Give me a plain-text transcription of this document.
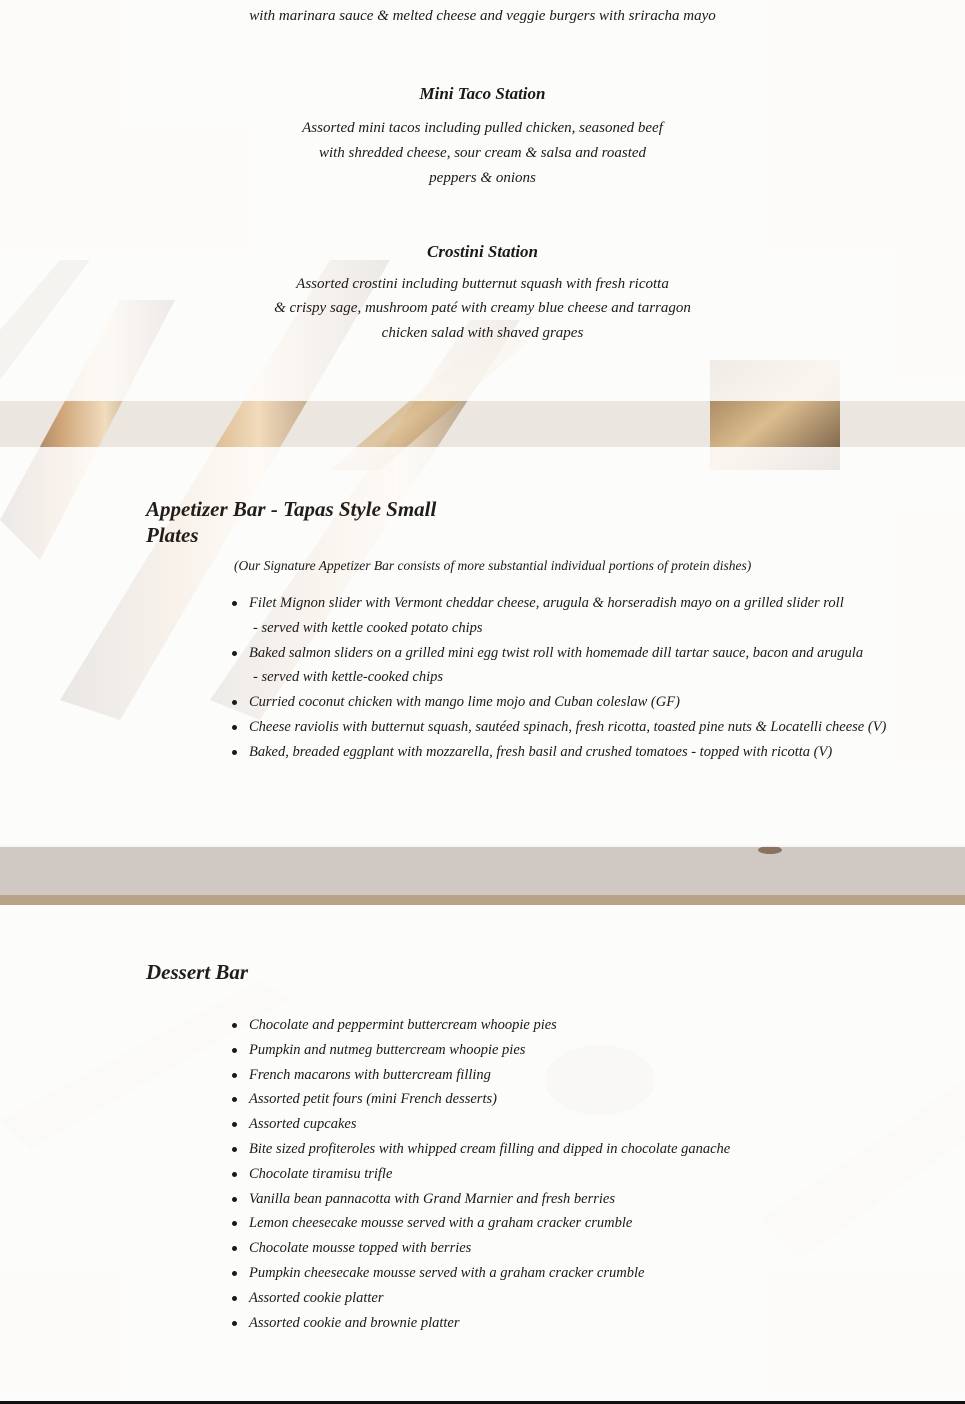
with marinara sauce & melted cheese and veggie burgers with sriracha mayo
Mini Taco Station
Assorted mini tacos including pulled chicken, seasoned beef
with shredded cheese, sour cream & salsa and roasted
peppers & onions
Crostini Station
Assorted crostini including butternut squash with fresh ricotta
& crispy sage, mushroom paté with creamy blue cheese and tarragon
chicken salad with shaved grapes
Appetizer Bar - Tapas Style Small
Plates
(Our Signature Appetizer Bar consists of more substantial individual portions of protein dishes)
Filet Mignon slider with Vermont cheddar cheese, arugula & horseradish mayo on a grilled slider roll
- served with kettle cooked potato chips
Baked salmon sliders on a grilled mini egg twist roll with homemade dill tartar sauce, bacon and arugula
- served with kettle-cooked chips
Curried coconut chicken with mango lime mojo and Cuban coleslaw (GF)
Cheese raviolis with butternut squash, sautéed spinach, fresh ricotta, toasted pine nuts & Locatelli cheese (V)
Baked, breaded eggplant with mozzarella, fresh basil and crushed tomatoes - topped with ricotta (V)
Dessert Bar
Chocolate and peppermint buttercream whoopie pies
Pumpkin and nutmeg buttercream whoopie pies
French macarons with buttercream filling
Assorted petit fours (mini French desserts)
Assorted cupcakes
Bite sized profiteroles with whipped cream filling and dipped in chocolate ganache
Chocolate tiramisu trifle
Vanilla bean pannacotta with Grand Marnier and fresh berries
Lemon cheesecake mousse served with a graham cracker crumble
Chocolate mousse topped with berries
Pumpkin cheesecake mousse served with a graham cracker crumble
Assorted cookie platter
Assorted cookie and brownie platter
